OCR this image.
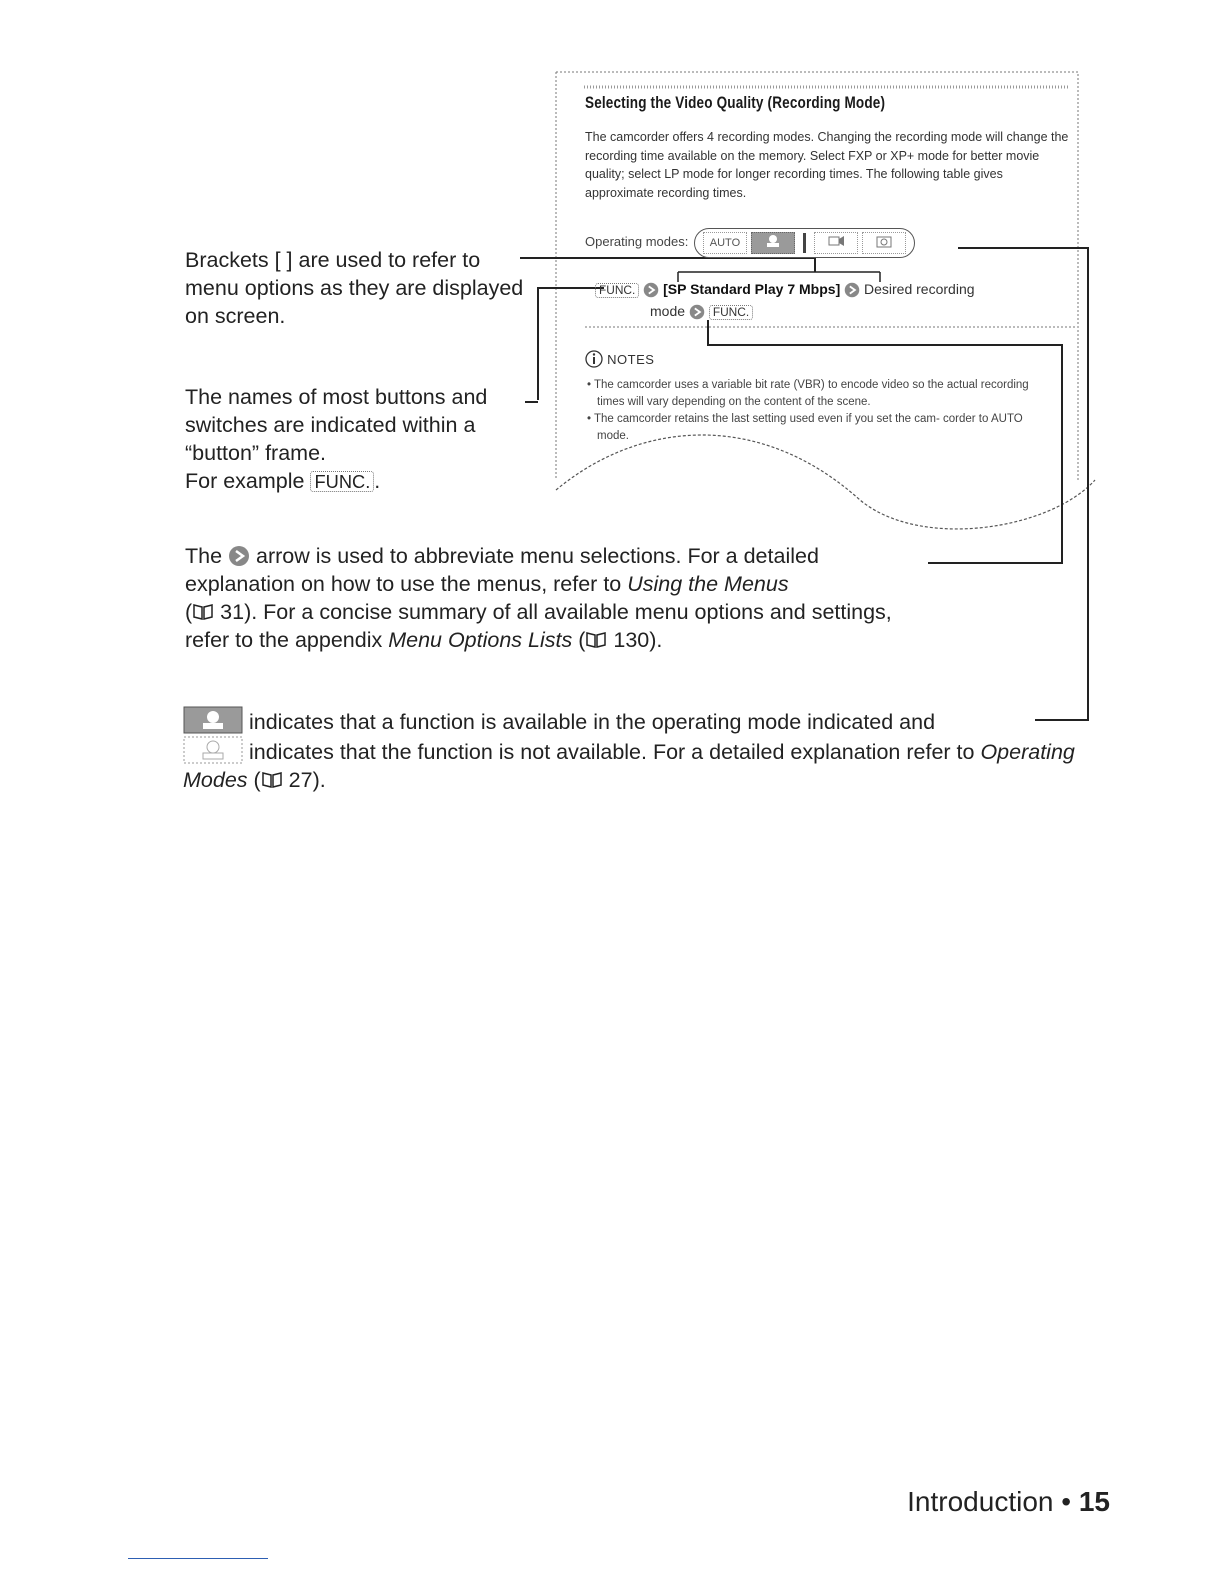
Selecting the Video Quality (Recording Mode)
The camcorder offers 4 recording modes. Changing the recording mode will change the recording time available on the memory. Select FXP or XP+ mode for better movie quality; select LP mode for longer recording times. The following table gives approximate recording times.
Operating modes:	AUTO
FUNC. [SP Standard Play 7 Mbps] Desired recording
mode FUNC.
NOTES
• The camcorder uses a variable bit rate (VBR) to encode video so the actual recording times will vary depending on the content of the scene.
• The camcorder retains the last setting used even if you set the cam- corder to AUTO mode.
Brackets [ ] are used to refer to menu options as they are displayed on screen.
The names of most buttons and switches are indicated within a “button” frame.
For example FUNC. .
The arrow is used to abbreviate menu selections. For a detailed explanation on how to use the menus, refer to Using the Menus
( 31). For a concise summary of all available menu options and settings, refer to the appendix Menu Options Lists ( 130).
indicates that a function is available in the operating mode indicated and
indicates that the function is not available. For a detailed explanation refer to Operating Modes ( 27).
Introduction • 15
